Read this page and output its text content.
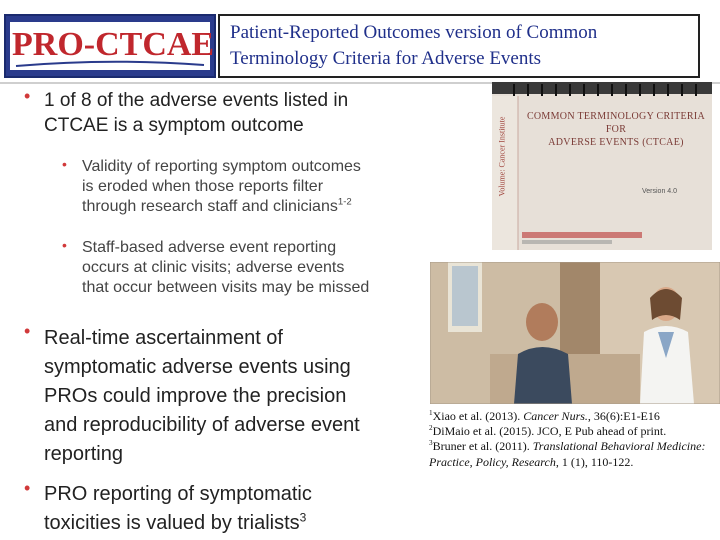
PRO-CTCAE Patient-Reported Outcomes version of Common Terminology Criteria for Adverse Events
• 1 of 8 of the adverse events listed in
CTCAE is a symptom outcome
• Validity of reporting symptom outcomes
is eroded when those reports filter
through research staff and clinicians$^{1-2}$
• Staff-based adverse event reporting
occurs at clinic visits; adverse events
that occur between visits may be missed
• Real-time ascertainment of
symptomatic adverse events using
PROs could improve the precision
and reproducibility of adverse event
reporting
• PRO reporting of symptomatic
toxicities is valued by trialists$^3$
Volume: Cancer Institute
COMMON TERMINOLOGY CRITERIA
FOR
ADVERSE EVENTS (CTCAE)
Version 4.0
$^1$Xiao et al. (2013). Cancer Nurs., 36(6):E1-E16
$^2$DiMaio et al. (2015). JCO, E Pub ahead of print.
$^3$Bruner et al. (2011). Translational Behavioral Medicine: Practice, Policy, Research, 1 (1), 110-122.
